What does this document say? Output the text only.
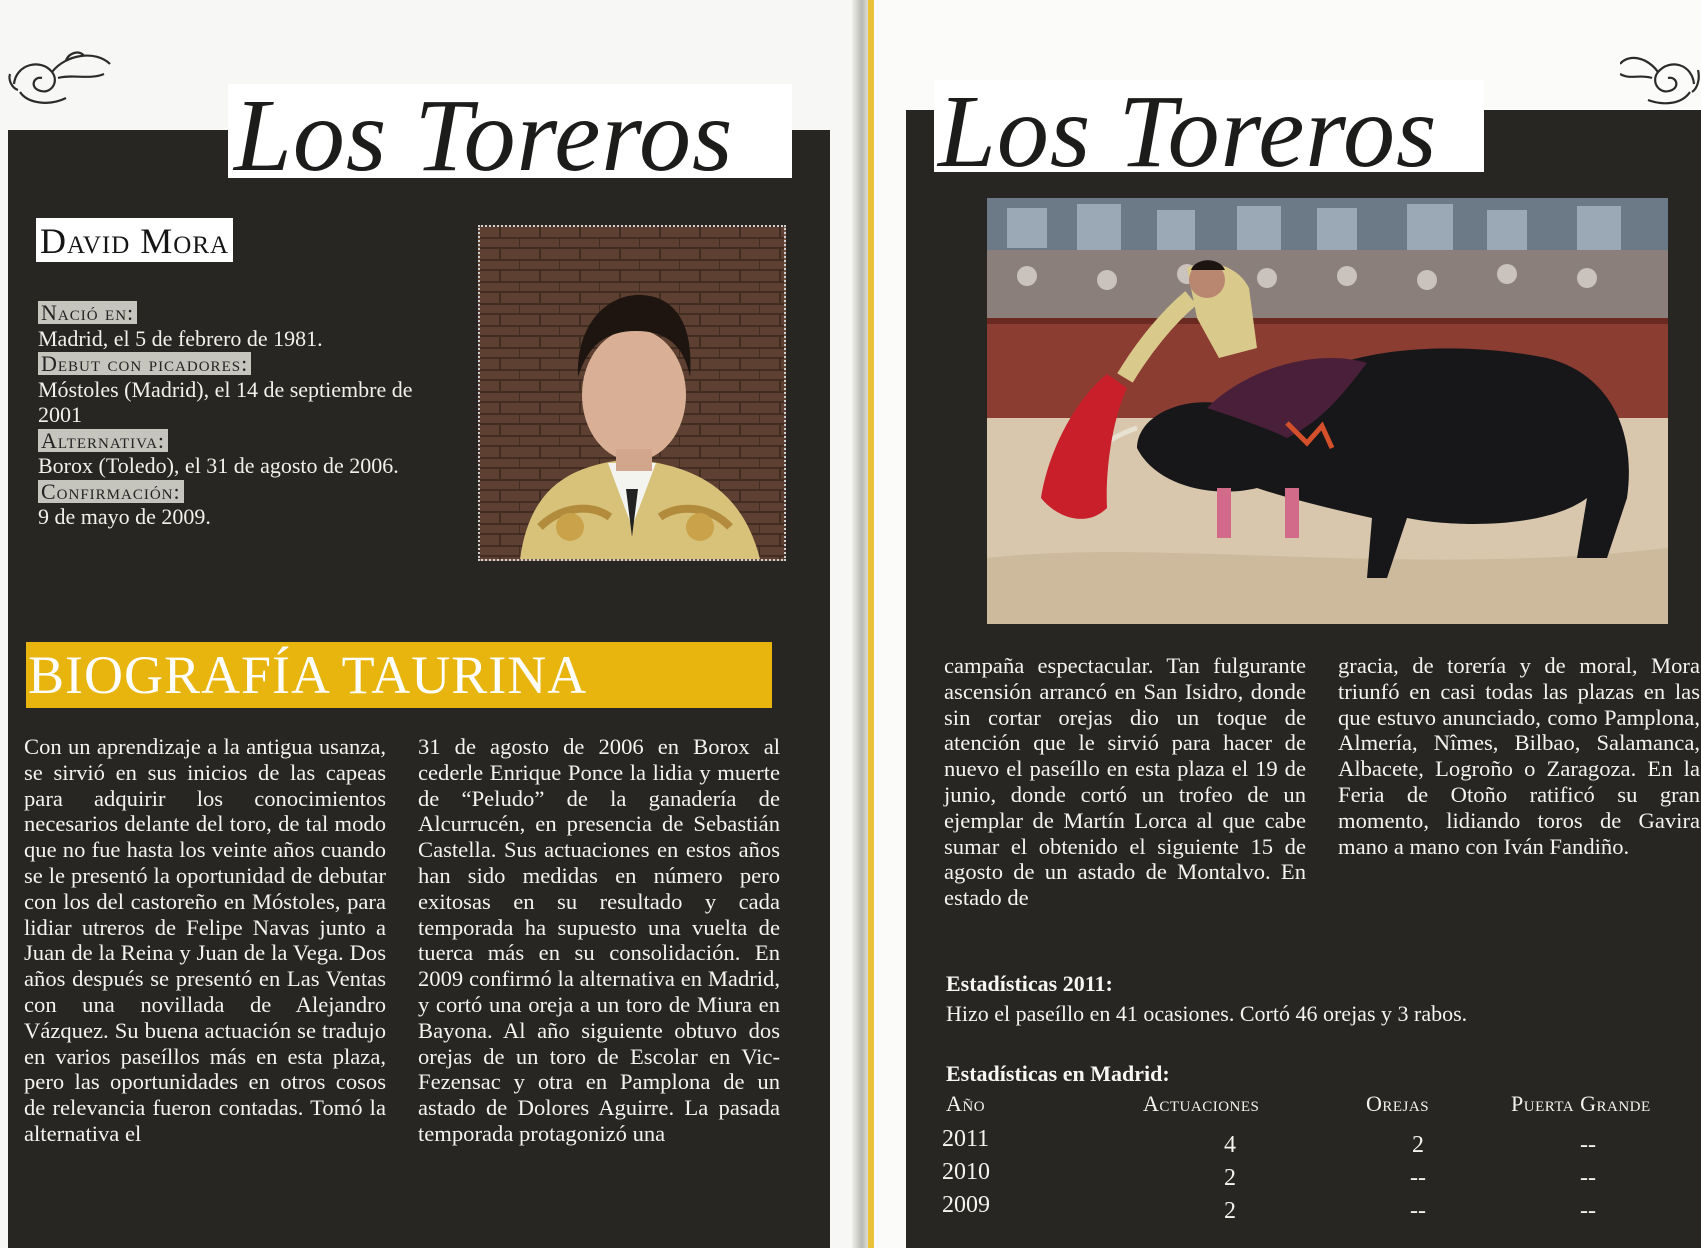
Los Toreros
David Mora
Nació en:
Madrid, el 5 de febrero de 1981.
Debut con picadores:
Móstoles (Madrid), el 14 de septiembre de 2001
Alternativa:
Borox (Toledo), el 31 de agosto de 2006.
Confirmación:
9 de mayo de 2009.
BIOGRAFÍA TAURINA

Con un aprendizaje a la antigua usanza, se sirvió en sus inicios de las capeas para adquirir los conocimientos necesarios delante del toro, de tal modo que no fue hasta los veinte años cuando se le presentó la oportunidad de debutar con los del castoreño en Móstoles, para lidiar utreros de Felipe Navas junto a Juan de la Reina y Juan de la Vega. Dos años después se presentó en Las Ventas con una novillada de Alejandro Vázquez. Su buena actuación se tradujo en varios paseíllos más en esta plaza, pero las oportunidades en otros cosos de relevancia fueron contadas. Tomó la alternativa el

31 de agosto de 2006 en Borox al cederle Enrique Ponce la lidia y muerte de “Peludo” de la ganadería de Alcurrucén, en presencia de Sebastián Castella. Sus actuaciones en estos años han sido medidas en número pero exitosas en su resultado y cada temporada ha supuesto una vuelta de tuerca más en su consolidación. En 2009 confirmó la alternativa en Madrid, y cortó una oreja a un toro de Miura en Bayona. Al año siguiente obtuvo dos orejas de un toro de Escolar en Vic-Fezensac y otra en Pamplona de un astado de Dolores Aguirre. La pasada temporada protagonizó una

Los Toreros

campaña espectacular. Tan fulgurante ascensión arrancó en San Isidro, donde sin cortar orejas dio un toque de atención que le sirvió para hacer de nuevo el paseíllo en esta plaza el 19 de junio, donde cortó un trofeo de un ejemplar de Martín Lorca al que cabe sumar el obtenido el siguiente 15 de agosto de un astado de Montalvo. En estado de

gracia, de torería y de moral, Mora triunfó en casi todas las plazas en las que estuvo anunciado, como Pamplona, Almería, Nîmes, Bilbao, Salamanca, Albacete, Logroño o Zaragoza. En la Feria de Otoño ratificó su gran momento, lidiando toros de Gavira mano a mano con Iván Fandiño.

Estadísticas 2011:
Hizo el paseíllo en 41 ocasiones. Cortó 46 orejas y 3 rabos.
Estadísticas en Madrid:
Año	Actuaciones	Orejas	Puerta Grande
2011	4	2	--
2010	2	--	--
2009	2	--	--
